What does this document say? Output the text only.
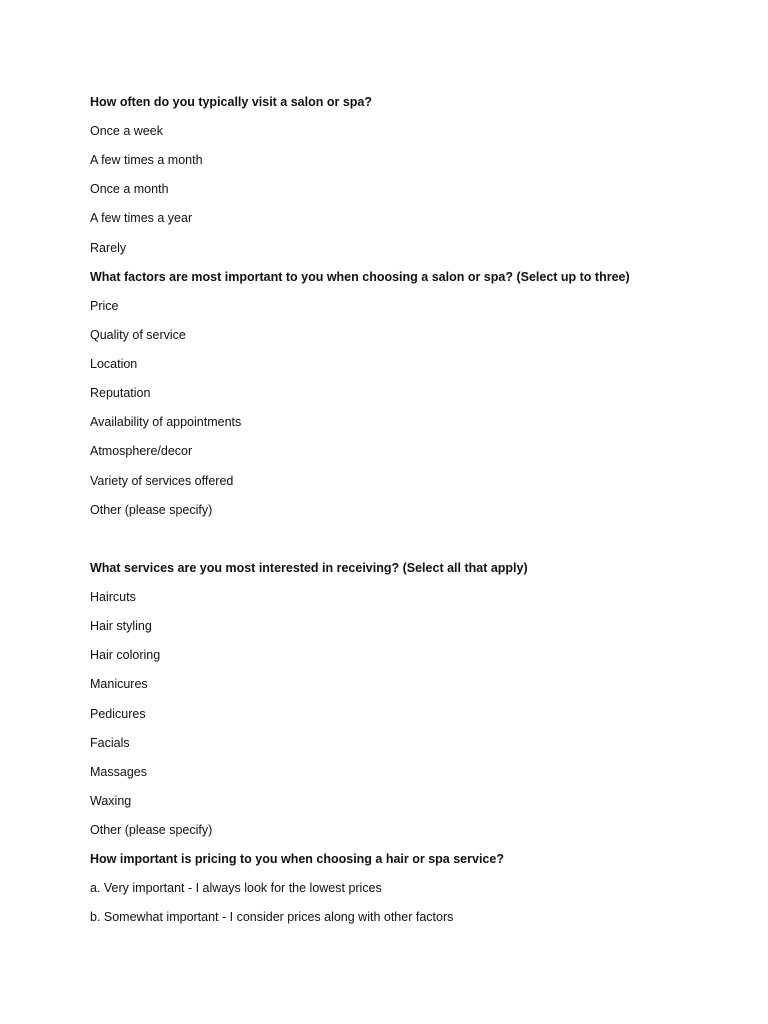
How often do you typically visit a salon or spa?
Once a week
A few times a month
Once a month
A few times a year
Rarely
What factors are most important to you when choosing a salon or spa? (Select up to three)
Price
Quality of service
Location
Reputation
Availability of appointments
Atmosphere/decor
Variety of services offered
Other (please specify)
What services are you most interested in receiving? (Select all that apply)
Haircuts
Hair styling
Hair coloring
Manicures
Pedicures
Facials
Massages
Waxing
Other (please specify)
How important is pricing to you when choosing a hair or spa service?
a. Very important - I always look for the lowest prices
b. Somewhat important - I consider prices along with other factors
